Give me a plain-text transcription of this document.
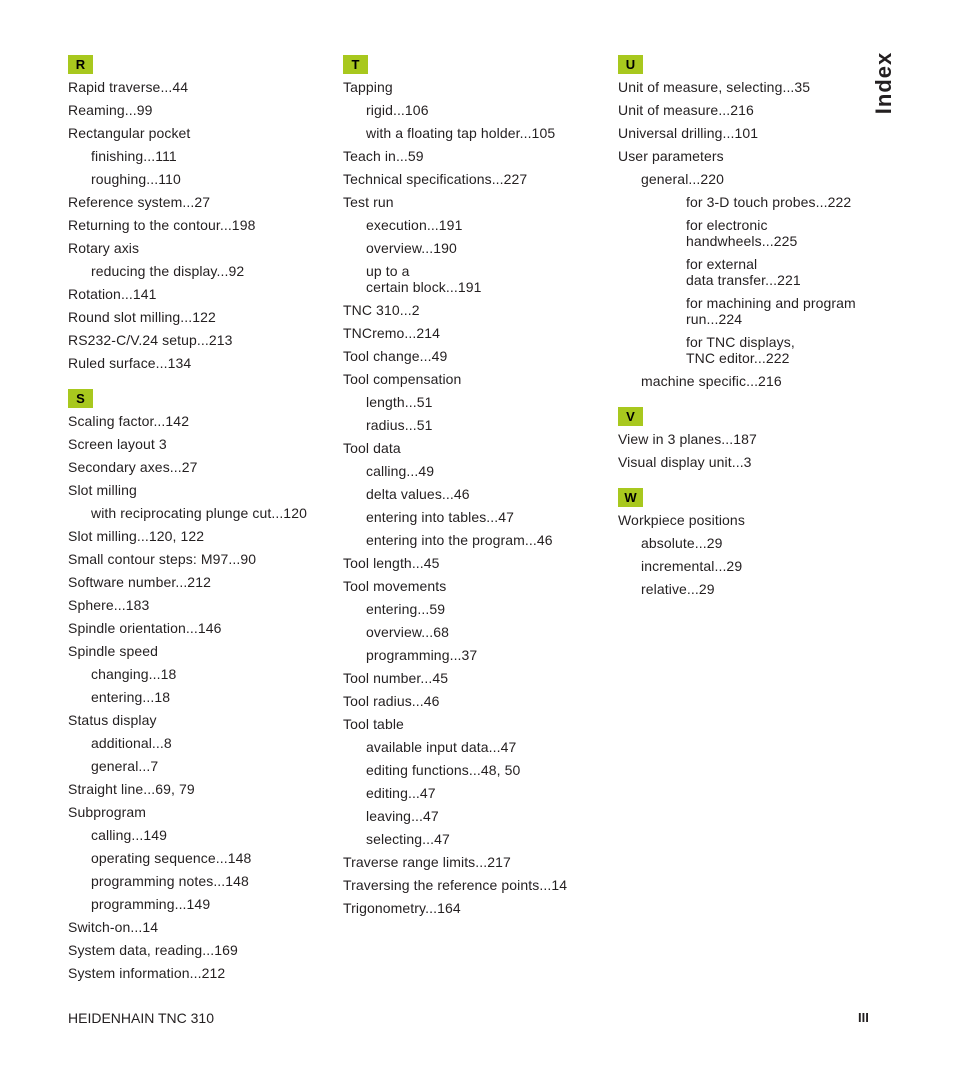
R
Rapid traverse...44
Reaming...99
Rectangular pocket
finishing...111
roughing...110
Reference system...27
Returning to the contour...198
Rotary axis
reducing the display...92
Rotation...141
Round slot milling...122
RS232-C/V.24 setup...213
Ruled surface...134
S
Scaling factor...142
Screen layout 3
Secondary axes...27
Slot milling
with reciprocating plunge cut...120
Slot milling...120, 122
Small contour steps: M97...90
Software number...212
Sphere...183
Spindle orientation...146
Spindle speed
changing...18
entering...18
Status display
additional...8
general...7
Straight line...69, 79
Subprogram
calling...149
operating sequence...148
programming notes...148
programming...149
Switch-on...14
System data, reading...169
System information...212
T
Tapping
rigid...106
with a floating tap holder...105
Teach in...59
Technical specifications...227
Test run
execution...191
overview...190
up to a
certain block...191
TNC 310...2
TNCremo...214
Tool change...49
Tool compensation
length...51
radius...51
Tool data
calling...49
delta values...46
entering into tables...47
entering into the program...46
Tool length...45
Tool movements
entering...59
overview...68
programming...37
Tool number...45
Tool radius...46
Tool table
available input data...47
editing functions...48, 50
editing...47
leaving...47
selecting...47
Traverse range limits...217
Traversing the reference points...14
Trigonometry...164
U
Unit of measure, selecting...35
Unit of measure...216
Universal drilling...101
User parameters
general...220
for 3-D touch probes...222
for electronic
handwheels...225
for external
data transfer...221
for machining and program
run...224
for TNC displays,
TNC editor...222
machine specific...216
V
View in 3 planes...187
Visual display unit...3
W
Workpiece positions
absolute...29
incremental...29
relative...29
Index
HEIDENHAIN TNC 310	III
